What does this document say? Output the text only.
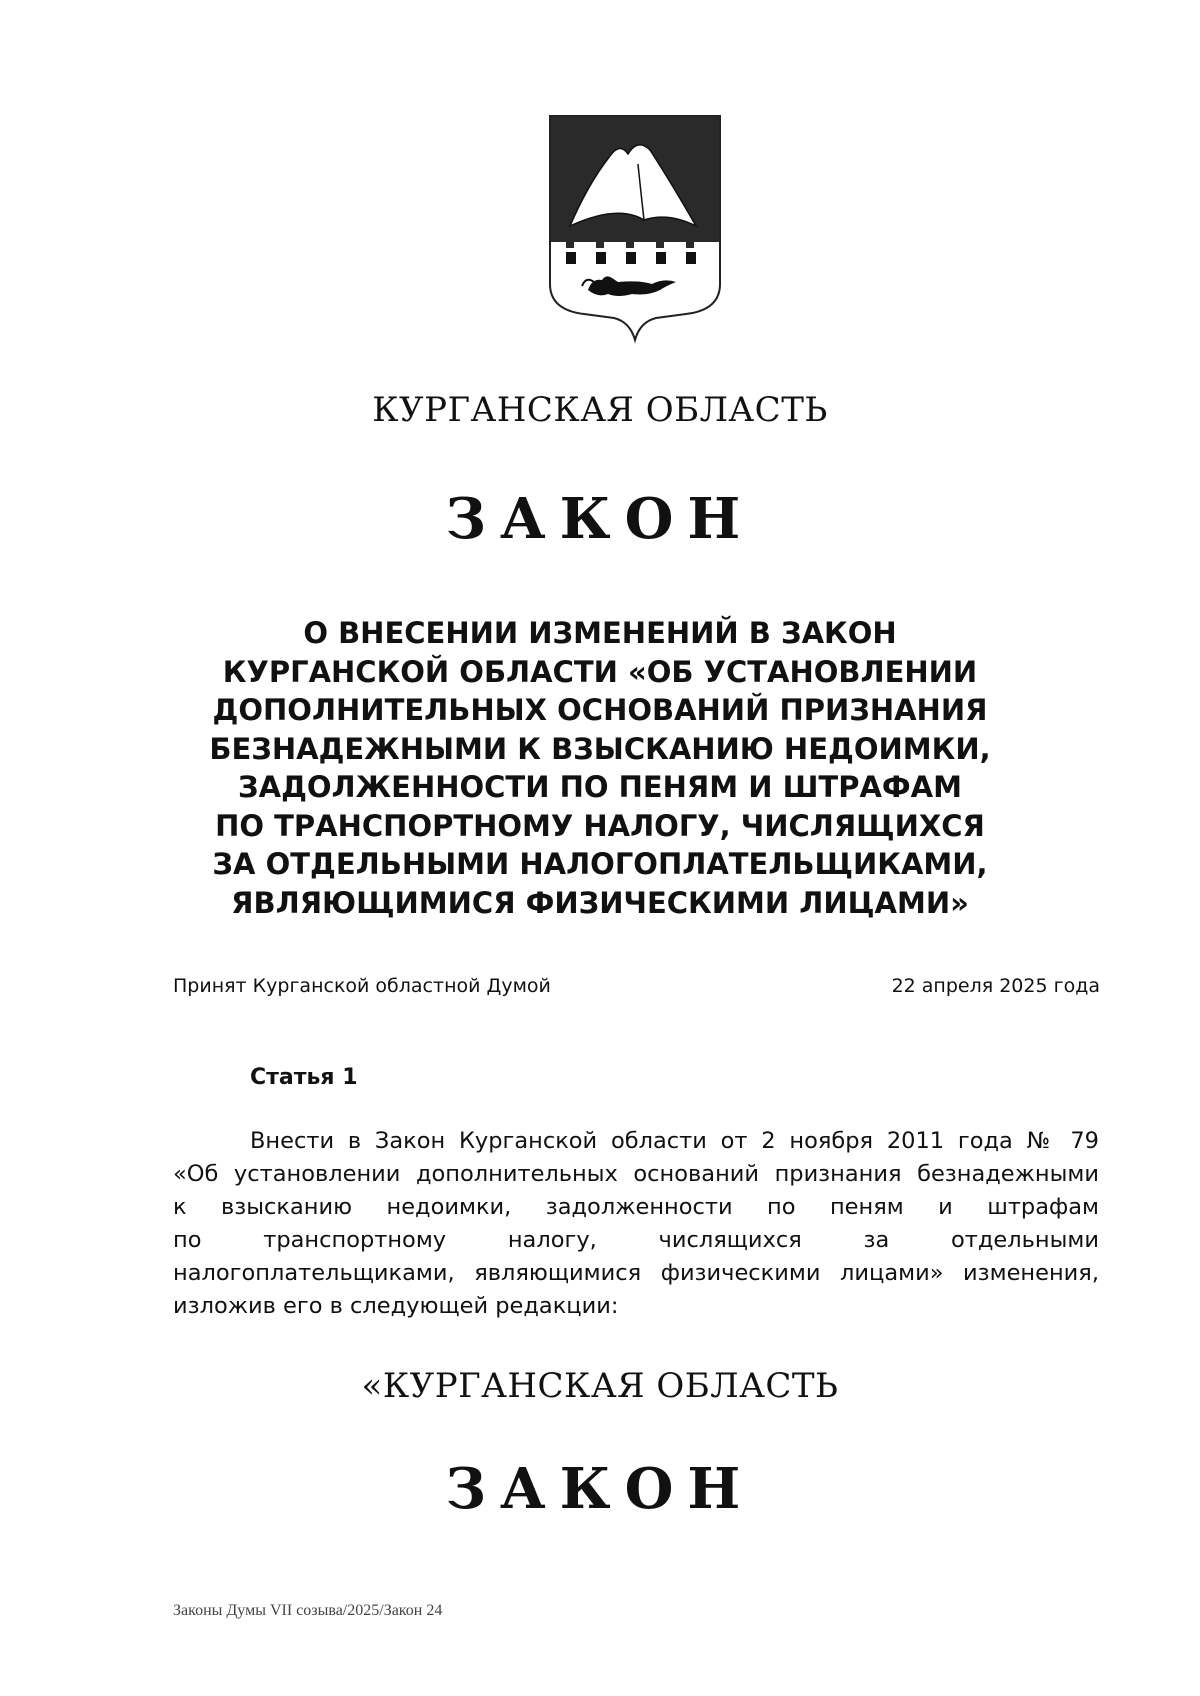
КУРГАНСКАЯ ОБЛАСТЬ
ЗАКОН
О ВНЕСЕНИИ ИЗМЕНЕНИЙ В ЗАКОН
КУРГАНСКОЙ ОБЛАСТИ «ОБ УСТАНОВЛЕНИИ
ДОПОЛНИТЕЛЬНЫХ ОСНОВАНИЙ ПРИЗНАНИЯ
БЕЗНАДЕЖНЫМИ К ВЗЫСКАНИЮ НЕДОИМКИ,
ЗАДОЛЖЕННОСТИ ПО ПЕНЯМ И ШТРАФАМ
ПО ТРАНСПОРТНОМУ НАЛОГУ, ЧИСЛЯЩИХСЯ
ЗА ОТДЕЛЬНЫМИ НАЛОГОПЛАТЕЛЬЩИКАМИ,
ЯВЛЯЮЩИМИСЯ ФИЗИЧЕСКИМИ ЛИЦАМИ»
Принят Курганской областной Думой	22 апреля 2025 года
Статья 1
Внести в Закон Курганской области от 2 ноября 2011 года № 79
«Об установлении дополнительных оснований признания безнадежными
к взысканию недоимки, задолженности по пеням и штрафам
по транспортному налогу, числящихся за отдельными
налогоплательщиками, являющимися физическими лицами» изменения,
изложив его в следующей редакции:
«КУРГАНСКАЯ ОБЛАСТЬ
ЗАКОН
Законы Думы VII созыва/2025/Закон 24
